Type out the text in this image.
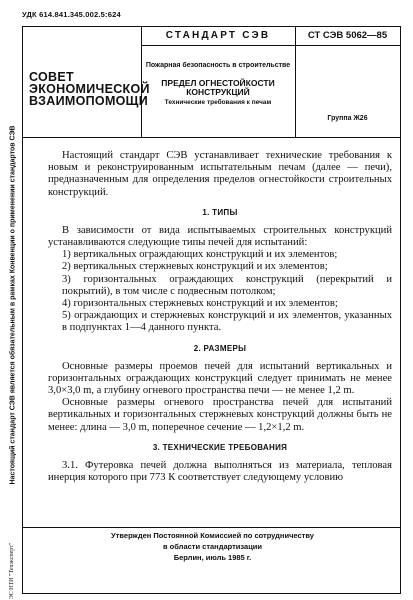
УДК 614.841.345.002.5:624
Настоящий стандарт СЭВ является обязательным в рамках Конвенции о применении стандартов СЭВ
ЭС НТИ "Техэксперт"
СОВЕТ ЭКОНОМИЧЕСКОЙ ВЗАИМОПОМОЩИ
СТАНДАРТ СЭВ
Пожарная безопасность в строительстве
ПРЕДЕЛ ОГНЕСТОЙКОСТИ КОНСТРУКЦИЙ
Технические требования к печам
СТ СЭВ 5062—85
Группа Ж26

Настоящий стандарт СЭВ устанавливает технические требования к новым и реконструированным испытательным печам (далее — печи), предназначенным для определения пределов огнестойкости строительных конструкций.

1. ТИПЫ

В зависимости от вида испытываемых строительных конструкций устанавливаются следующие типы печей для испытаний:

1) вертикальных ограждающих конструкций и их элементов;

2) вертикальных стержневых конструкций и их элементов;

3) горизонтальных ограждающих конструкций (перекрытий и покрытий), в том числе с подвесным потолком;

4) горизонтальных стержневых конструкций и их элементов;

5) ограждающих и стержневых конструкций и их элементов, указанных в подпунктах 1—4 данного пункта.

2. РАЗМЕРЫ

Основные размеры проемов печей для испытаний вертикальных и горизонтальных ограждающих конструкций следует принимать не менее 3,0×3,0 m, а глубину огневого пространства печи — не менее 1,2 m.

Основные размеры огневого пространства печей для испытаний вертикальных и горизонтальных стержневых конструкций должны быть не менее: длина — 3,0 m, поперечное сечение — 1,2×1,2 m.

3. ТЕХНИЧЕСКИЕ ТРЕБОВАНИЯ

3.1. Футеровка печей должна выполняться из материала, тепловая инерция которого при 773 К соответствует следующему условию

Утвержден Постоянной Комиссией по сотрудничеству
в области стандартизации
Берлин, июль 1985 г.
